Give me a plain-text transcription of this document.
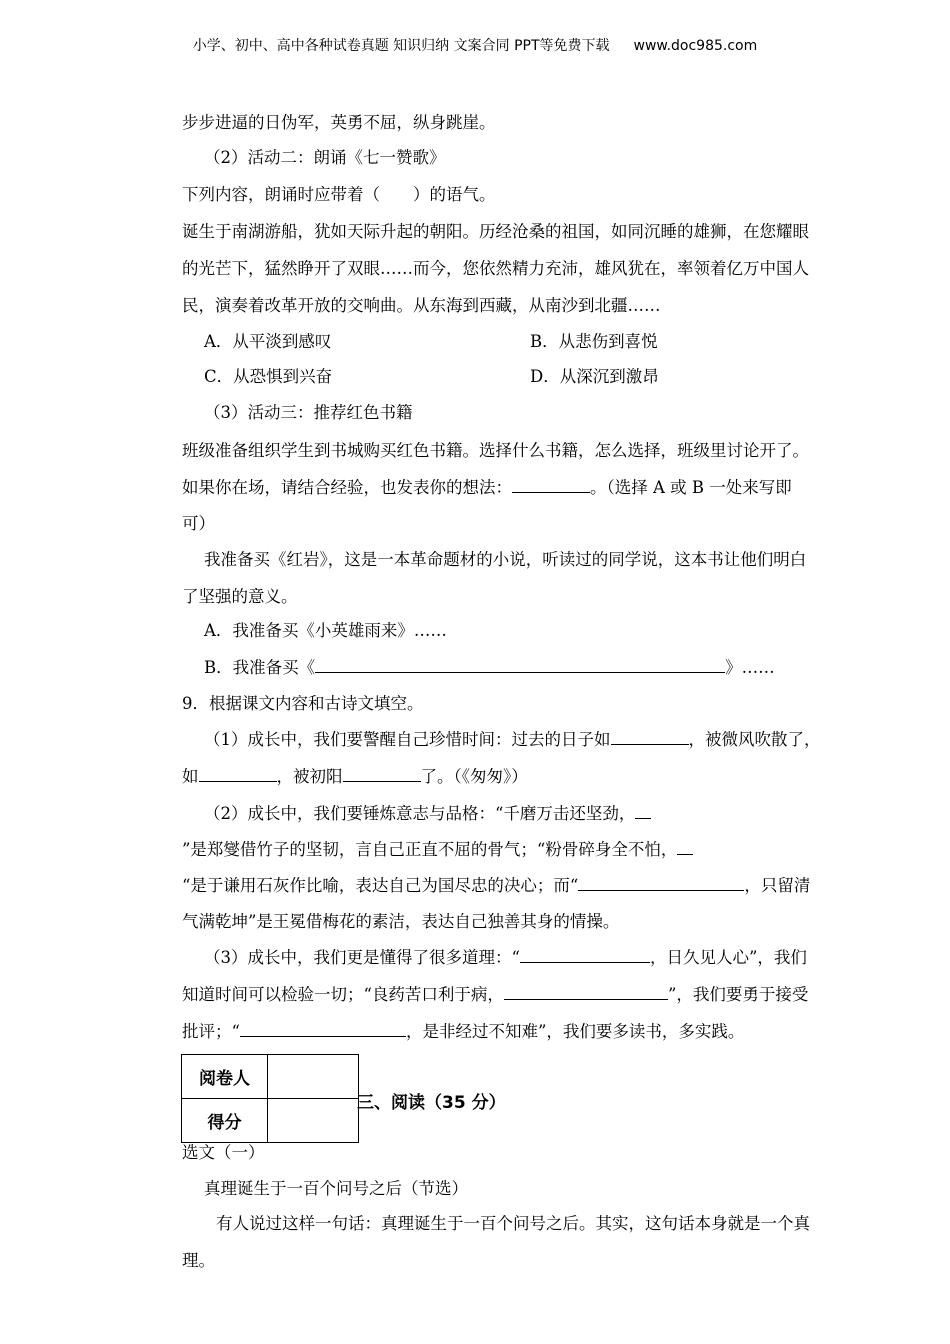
小学、初中、高中各种试卷真题 知识归纳 文案合同 PPT等免费下载 www.doc985.com
步步进逼的日伪军，英勇不屈，纵身跳崖。
（2）活动二：朗诵《七一赞歌》
下列内容，朗诵时应带着（　　）的语气。
诞生于南湖游船，犹如天际升起的朝阳。历经沧桑的祖国，如同沉睡的雄狮，在您耀眼
的光芒下，猛然睁开了双眼……而今，您依然精力充沛，雄风犹在，率领着亿万中国人
民，演奏着改革开放的交响曲。从东海到西藏，从南沙到北疆……
A．从平淡到感叹	B．从悲伤到喜悦
C．从恐惧到兴奋	D．从深沉到激昂
（3）活动三：推荐红色书籍
班级准备组织学生到书城购买红色书籍。选择什么书籍，怎么选择，班级里讨论开了。
如果你在场，请结合经验，也发表你的想法：	。（选择 A 或 B 一处来写即
可）
我准备买《红岩》，这是一本革命题材的小说，听读过的同学说，这本书让他们明白
了坚强的意义。
A．我准备买《小英雄雨来》……
B．我准备买《	》……
9．根据课文内容和古诗文填空。
（1）成长中，我们要警醒自己珍惜时间：过去的日子如	，被微风吹散了，
如	，被初阳	了。（《匆匆》）
（2）成长中，我们要锤炼意志与品格：“千磨万击还坚劲，
”是郑燮借竹子的坚韧，言自己正直不屈的骨气；“粉骨碎身全不怕，
“是于谦用石灰作比喻，表达自己为国尽忠的决心；而“	，只留清
气满乾坤”是王冕借梅花的素洁，表达自己独善其身的情操。
（3）成长中，我们更是懂得了很多道理：“	，日久见人心”，我们
知道时间可以检验一切；“良药苦口利于病，	”，我们要勇于接受
批评；“	，是非经过不知难”，我们要多读书，多实践。
阅卷人	
得分	
三、阅读（35 分）
选文（一）
真理诞生于一百个问号之后（节选）
有人说过这样一句话：真理诞生于一百个问号之后。其实，这句话本身就是一个真
理。
